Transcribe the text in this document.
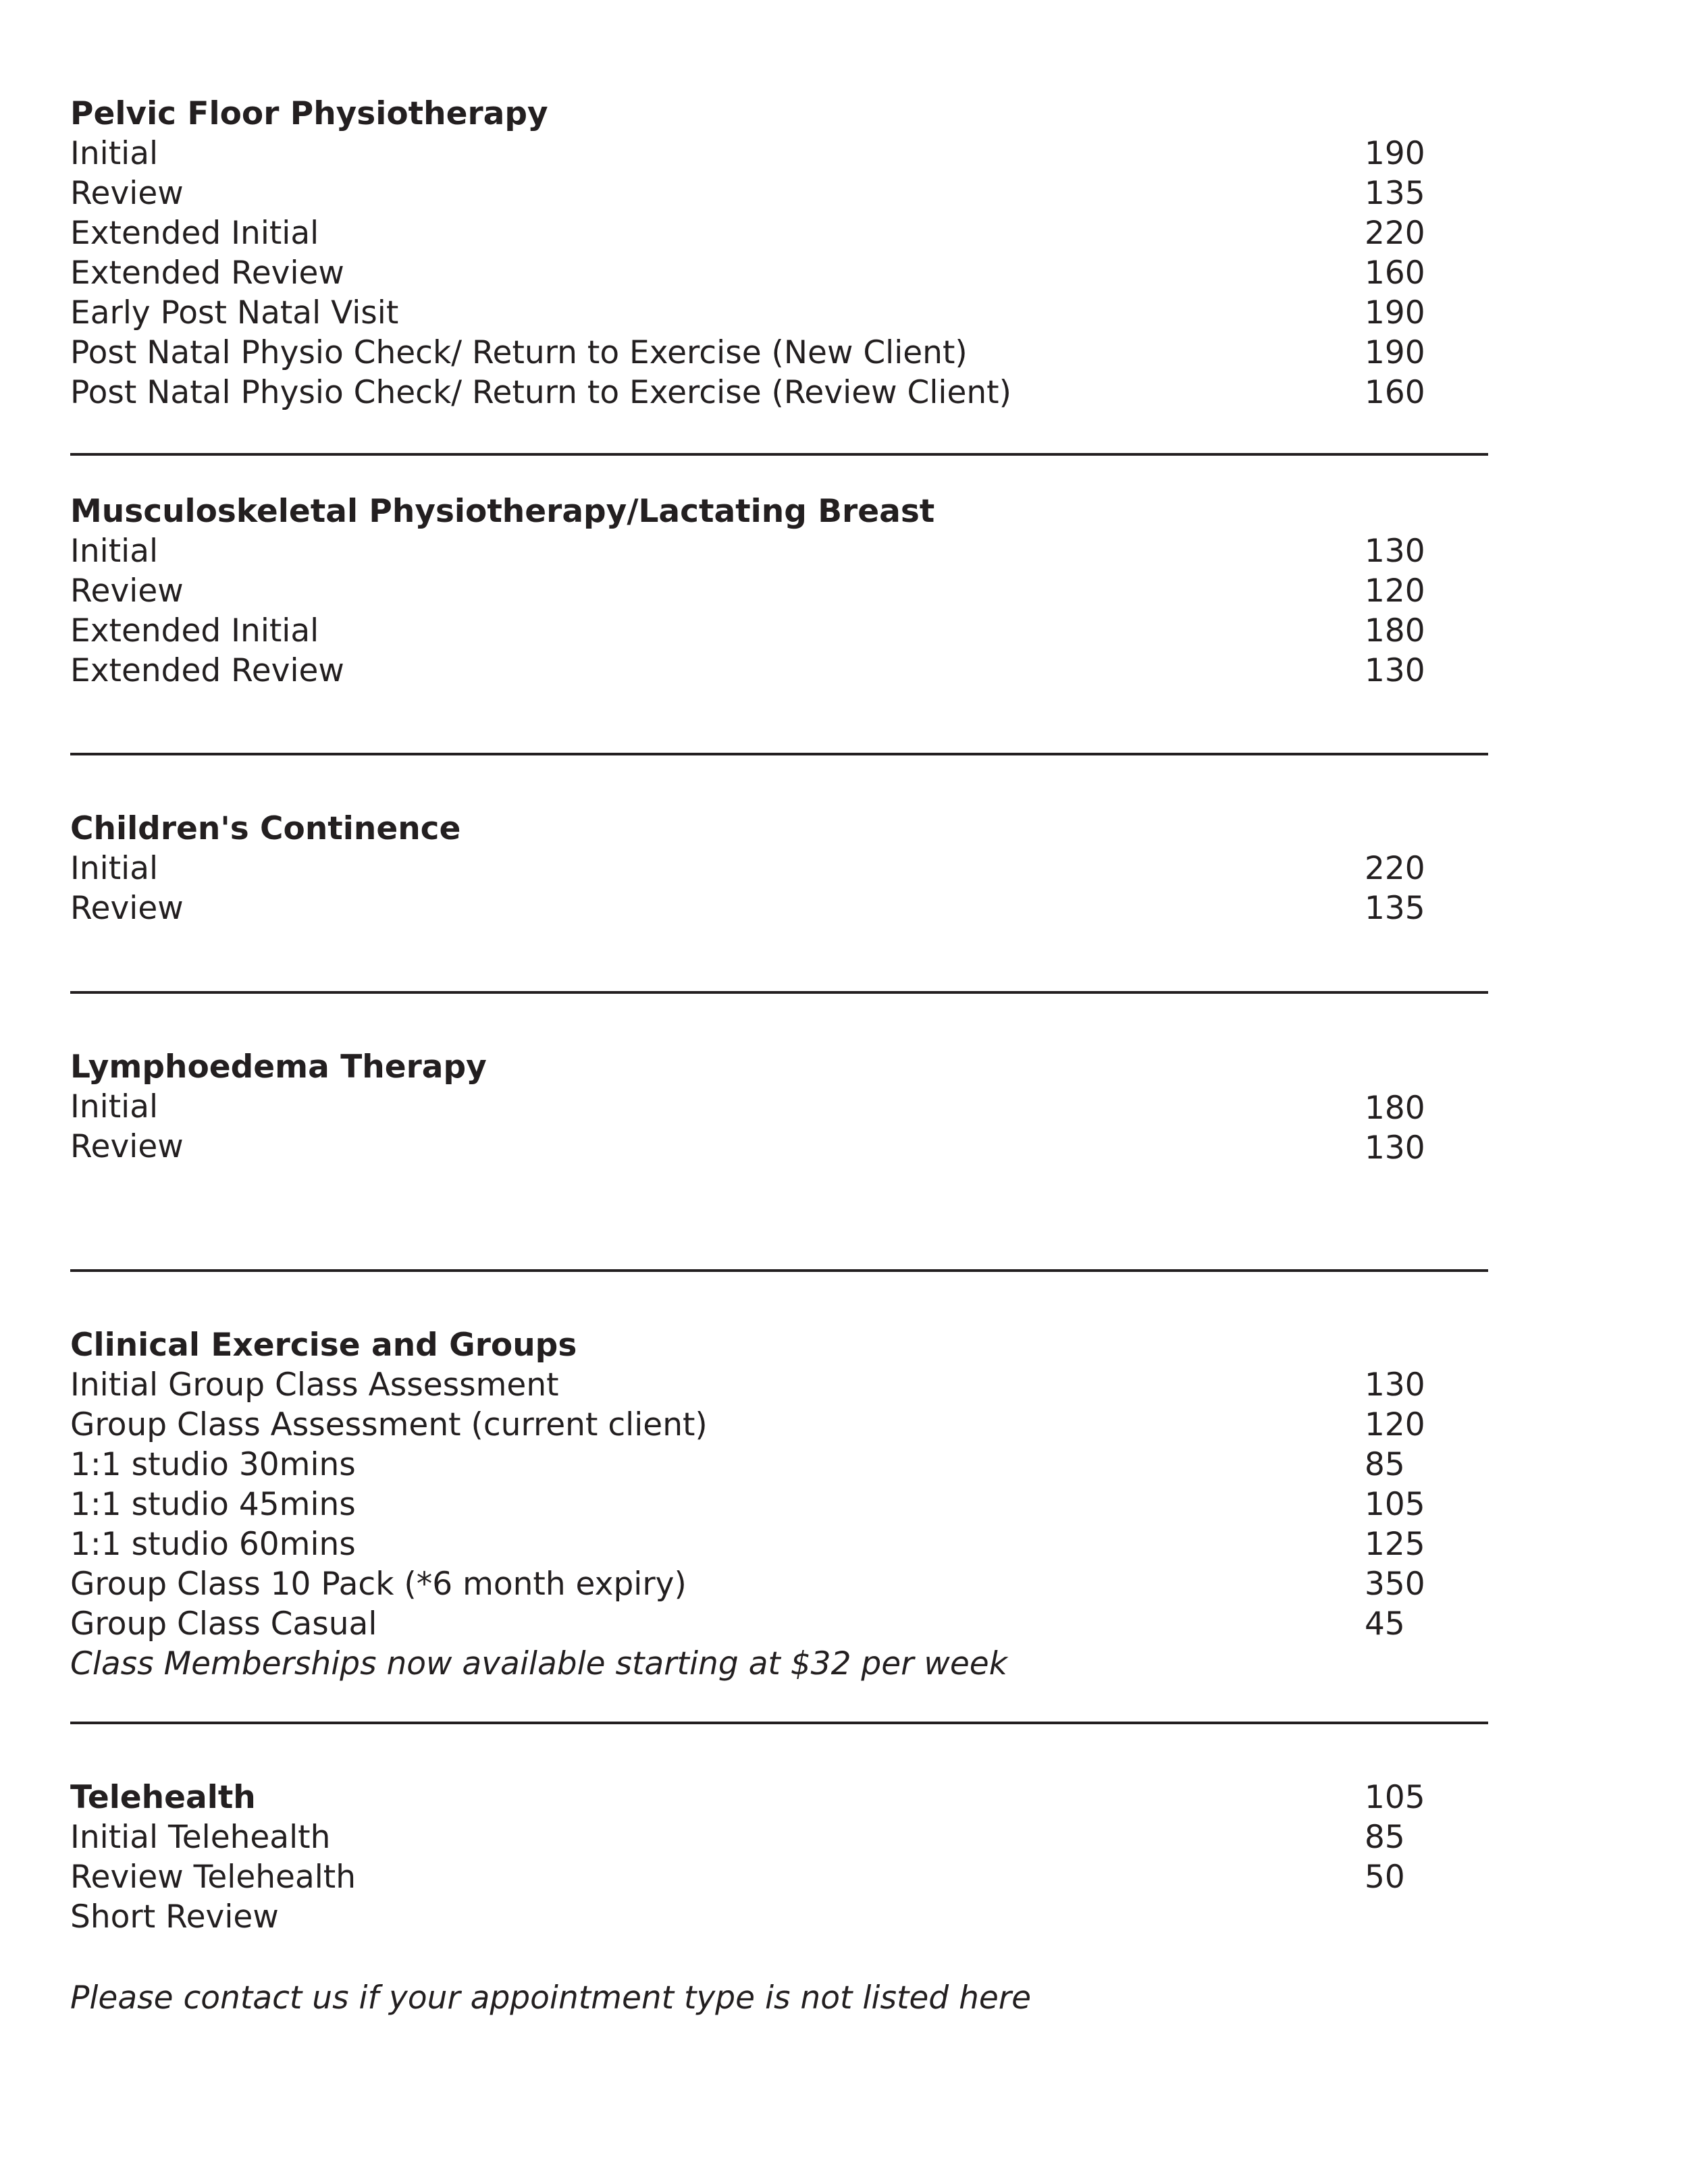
Pelvic Floor Physiotherapy
Initial	190
Review	135
Extended Initial	220
Extended Review	160
Early Post Natal Visit	190
Post Natal Physio Check/ Return to Exercise (New Client)	190
Post Natal Physio Check/ Return to Exercise (Review Client)	160
Musculoskeletal Physiotherapy/Lactating Breast
Initial	130
Review	120
Extended Initial	180
Extended Review	130
Children's Continence
Initial	220
Review	135
Lymphoedema Therapy
Initial	180
Review	130
Clinical Exercise and Groups
Initial Group Class Assessment	130
Group Class Assessment (current client)	120
1:1 studio 30mins	85
1:1 studio 45mins	105
1:1 studio 60mins	125
Group Class 10 Pack (*6 month expiry)	350
Group Class Casual	45
Class Memberships now available starting at $32 per week
Telehealth	105
Initial Telehealth	85
Review Telehealth	50
Short Review
Please contact us if your appointment type is not listed here
